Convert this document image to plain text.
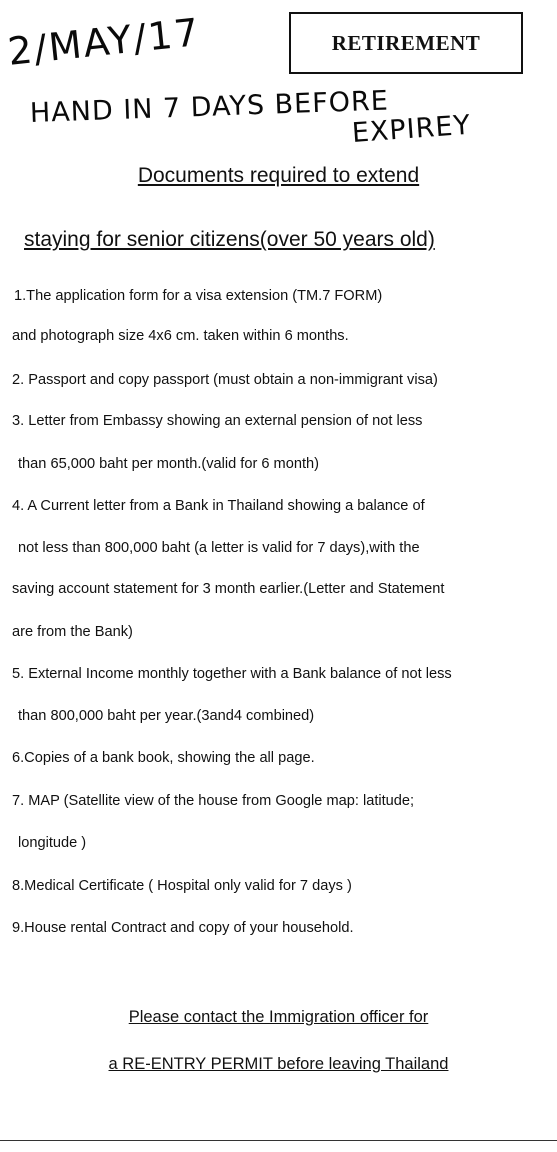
2/MAY/17
HAND IN 7 DAYS BEFORE
EXPIREY
RETIREMENT
Documents required to extend
staying for senior citizens(over 50 years old)
1.The application form for a visa extension (TM.7 FORM)
and photograph size 4x6 cm. taken within 6 months.
2. Passport and copy passport (must obtain a non-immigrant visa)
3. Letter from Embassy showing an external pension of not less
than 65,000 baht per month.(valid for 6 month)
4. A Current letter from a Bank in Thailand showing a balance of
not less than 800,000 baht (a letter is valid for 7 days),with the
saving account statement for 3 month earlier.(Letter and Statement
are from the Bank)
5. External Income monthly together with a Bank balance of not less
than 800,000 baht per year.(3and4 combined)
6.Copies of a bank book, showing the all page.
7. MAP (Satellite view of the house from Google map: latitude;
longitude )
8.Medical Certificate ( Hospital only valid for 7 days )
9.House rental Contract and copy of your household.
Please contact the Immigration officer for
a RE-ENTRY PERMIT before leaving Thailand
